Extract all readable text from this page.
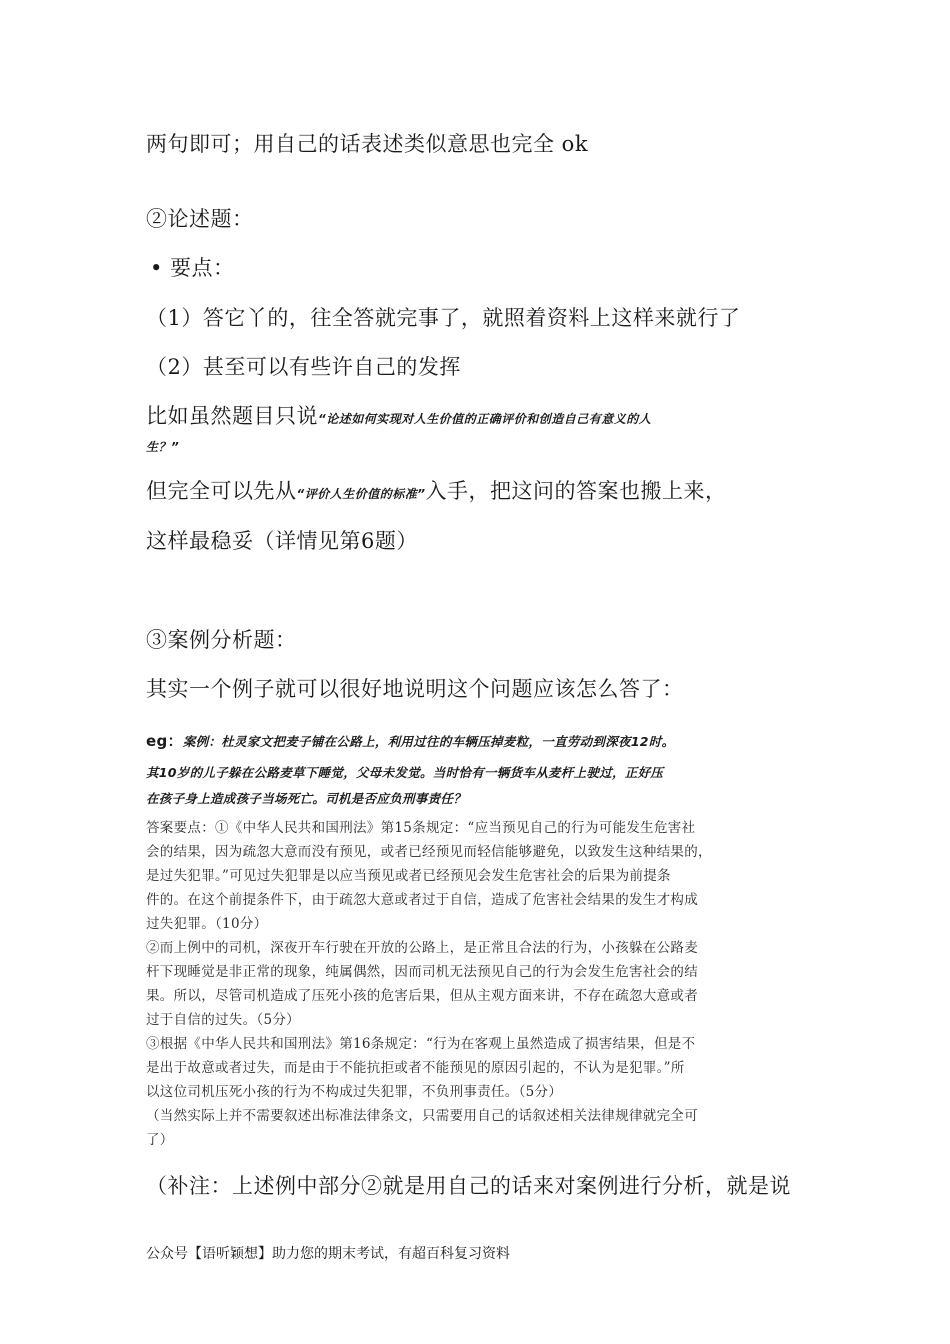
两句即可；用自己的话表述类似意思也完全 ok

②论述题：

• 要点：

（1）答它丫的，往全答就完事了，就照着资料上这样来就行了

（2）甚至可以有些许自己的发挥

比如虽然题目只说“论述如何实现对人生价值的正确评价和创造自己有意义的人

生？”

但完全可以先从“评价人生价值的标准”入手，把这问的答案也搬上来，

这样最稳妥（详情见第6题）

③案例分析题：

其实一个例子就可以很好地说明这个问题应该怎么答了：

eg：案例：杜灵家文把麦子铺在公路上，利用过往的车辆压掉麦粒，一直劳动到深夜12时。

其10岁的儿子躲在公路麦草下睡觉，父母未发觉。当时恰有一辆货车从麦杆上驶过，正好压

在孩子身上造成孩子当场死亡。司机是否应负刑事责任？

答案要点：①《中华人民共和国刑法》第15条规定：“应当预见自己的行为可能发生危害社

会的结果，因为疏忽大意而没有预见，或者已经预见而轻信能够避免，以致发生这种结果的，

是过失犯罪。”可见过失犯罪是以应当预见或者已经预见会发生危害社会的后果为前提条

件的。在这个前提条件下，由于疏忽大意或者过于自信，造成了危害社会结果的发生才构成

过失犯罪。（10分）

②而上例中的司机，深夜开车行驶在开放的公路上，是正常且合法的行为，小孩躲在公路麦

杆下现睡觉是非正常的现象，纯属偶然，因而司机无法预见自己的行为会发生危害社会的结

果。所以，尽管司机造成了压死小孩的危害后果，但从主观方面来讲，不存在疏忽大意或者

过于自信的过失。（5分）

③根据《中华人民共和国刑法》第16条规定：“行为在客观上虽然造成了损害结果，但是不

是出于故意或者过失，而是由于不能抗拒或者不能预见的原因引起的，不认为是犯罪。”所

以这位司机压死小孩的行为不构成过失犯罪，不负刑事责任。（5分）

（当然实际上并不需要叙述出标准法律条文，只需要用自己的话叙述相关法律规律就完全可

了）

（补注：上述例中部分②就是用自己的话来对案例进行分析，就是说

公众号【语听颖想】助力您的期末考试，有超百科复习资料
